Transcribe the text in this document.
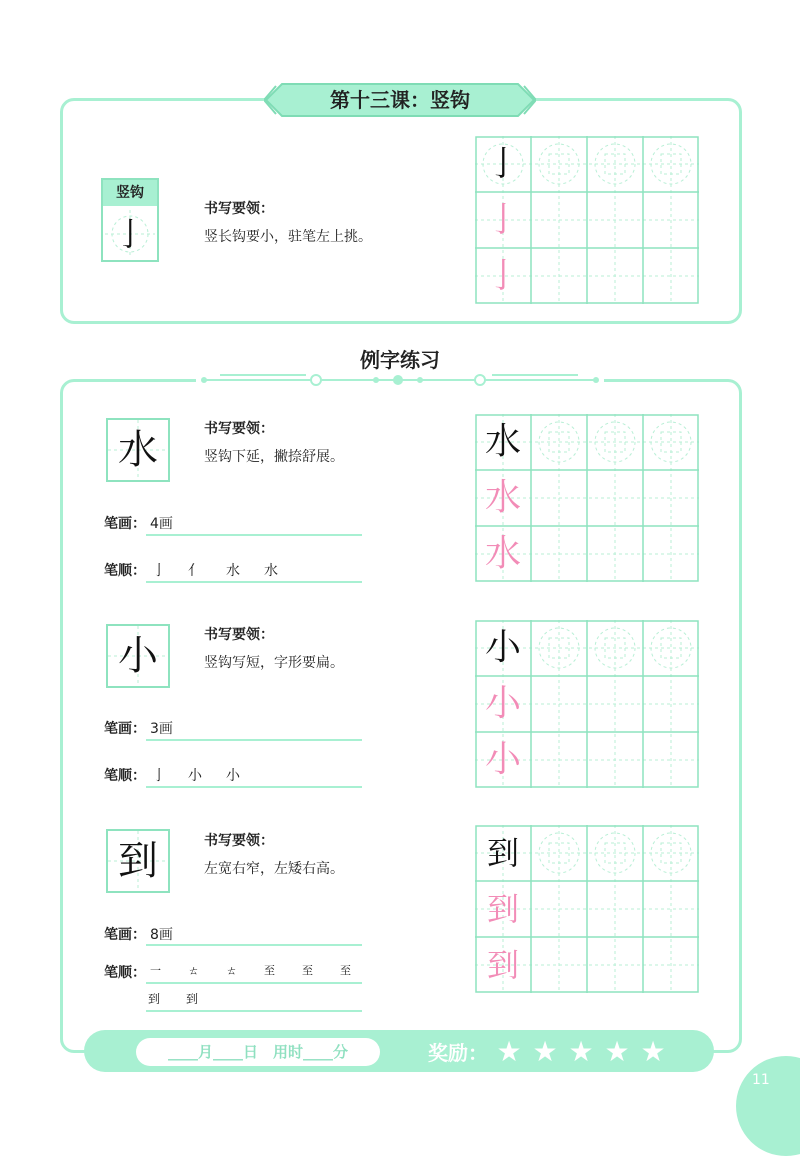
第十三课：竖钩
竖钩
亅
书写要领：
竖长钩要小，驻笔左上挑。
亅
亅
亅
例字练习
水	书写要领：
竖钩下延，撇捺舒展。
笔画： 4画
笔顺： 亅 ⺅ 水 水
水
水
水
小	书写要领：
竖钩写短，字形要扁。
笔画： 3画
笔顺： 亅 小 小
小
小
小
到	书写要领：
左宽右窄，左矮右高。
笔画： 8画
笔顺： 一 ㄊ ㄊ 至 至 至
到 到
到
到
到
____月____日　用时____分	奖励： ★ ★ ★ ★ ★
11
